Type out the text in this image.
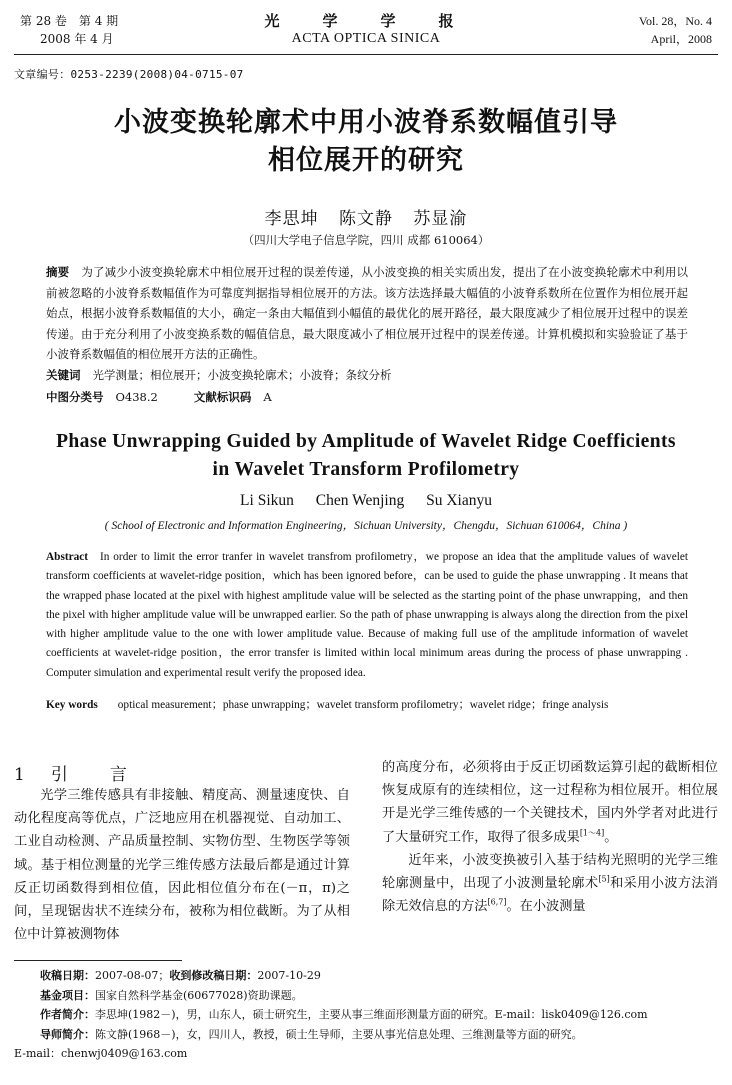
第 28 卷　第 4 期
2008 年 4 月
光　学　学　报
ACTA OPTICA SINICA
Vol. 28，No. 4
April，2008
文章编号：0253-2239(2008)04-0715-07
小波变换轮廓术中用小波脊系数幅值引导
相位展开的研究
李思坤 陈文静 苏显渝
（四川大学电子信息学院，四川 成都 610064）
摘要 为了减少小波变换轮廓术中相位展开过程的误差传递，从小波变换的相关实质出发，提出了在小波变换轮廓术中利用以前被忽略的小波脊系数幅值作为可靠度判据指导相位展开的方法。该方法选择最大幅值的小波脊系数所在位置作为相位展开起始点，根据小波脊系数幅值的大小，确定一条由大幅值到小幅值的最优化的展开路径，最大限度减少了相位展开过程中的误差传递。由于充分利用了小波变换系数的幅值信息，最大限度减小了相位展开过程中的误差传递。计算机模拟和实验验证了基于小波脊系数幅值的相位展开方法的正确性。
关键词 光学测量；相位展开；小波变换轮廓术；小波脊；条纹分析
中图分类号 O438.2	文献标识码 A
Phase Unwrapping Guided by Amplitude of Wavelet Ridge Coefficients
in Wavelet Transform Profilometry
Li Sikun Chen Wenjing Su Xianyu
( School of Electronic and Information Engineering，Sichuan University，Chengdu，Sichuan 610064，China )
Abstract In order to limit the error tranfer in wavelet transfrom profilometry，we propose an idea that the amplitude values of wavelet transform coefficients at wavelet-ridge position，which has been ignored before，can be used to guide the phase unwrapping . It means that the wrapped phase located at the pixel with highest amplitude value will be selected as the starting point of the phase unwrapping，and then the pixel with higher amplitude value will be unwrapped earlier. So the path of phase unwrapping is always along the direction from the pixel with higher amplitude value to the one with lower amplitude value. Because of making full use of the amplitude information of wavelet coefficients at wavelet-ridge position，the error transfer is limited within local minimum areas during the process of phase unwrapping . Computer simulation and experimental result verify the proposed idea.
Key words optical measurement；phase unwrapping；wavelet transform profilometry；wavelet ridge；fringe analysis
1 引 言

光学三维传感具有非接触、精度高、测量速度快、自动化程度高等优点，广泛地应用在机器视觉、自动加工、工业自动检测、产品质量控制、实物仿型、生物医学等领域。基于相位测量的光学三维传感方法最后都是通过计算反正切函数得到相位值，因此相位值分布在(－π，π)之间，呈现锯齿状不连续分布，被称为相位截断。为了从相位中计算被测物体

的高度分布，必须将由于反正切函数运算引起的截断相位恢复成原有的连续相位，这一过程称为相位展开。相位展开是光学三维传感的一个关键技术，国内外学者对此进行了大量研究工作，取得了很多成果[1～4]。

近年来，小波变换被引入基于结构光照明的光学三维轮廓测量中，出现了小波测量轮廓术[5]和采用小波方法消除无效信息的方法[6,7]。在小波测量

收稿日期：2007-08-07；收到修改稿日期：2007-10-29
基金项目：国家自然科学基金(60677028)资助课题。
作者简介：李思坤(1982－)，男，山东人，硕士研究生，主要从事三维面形测量方面的研究。E-mail：lisk0409@126.com
导师简介：陈文静(1968－)，女，四川人，教授，硕士生导师，主要从事光信息处理、三维测量等方面的研究。
E-mail：chenwj0409@163.com
